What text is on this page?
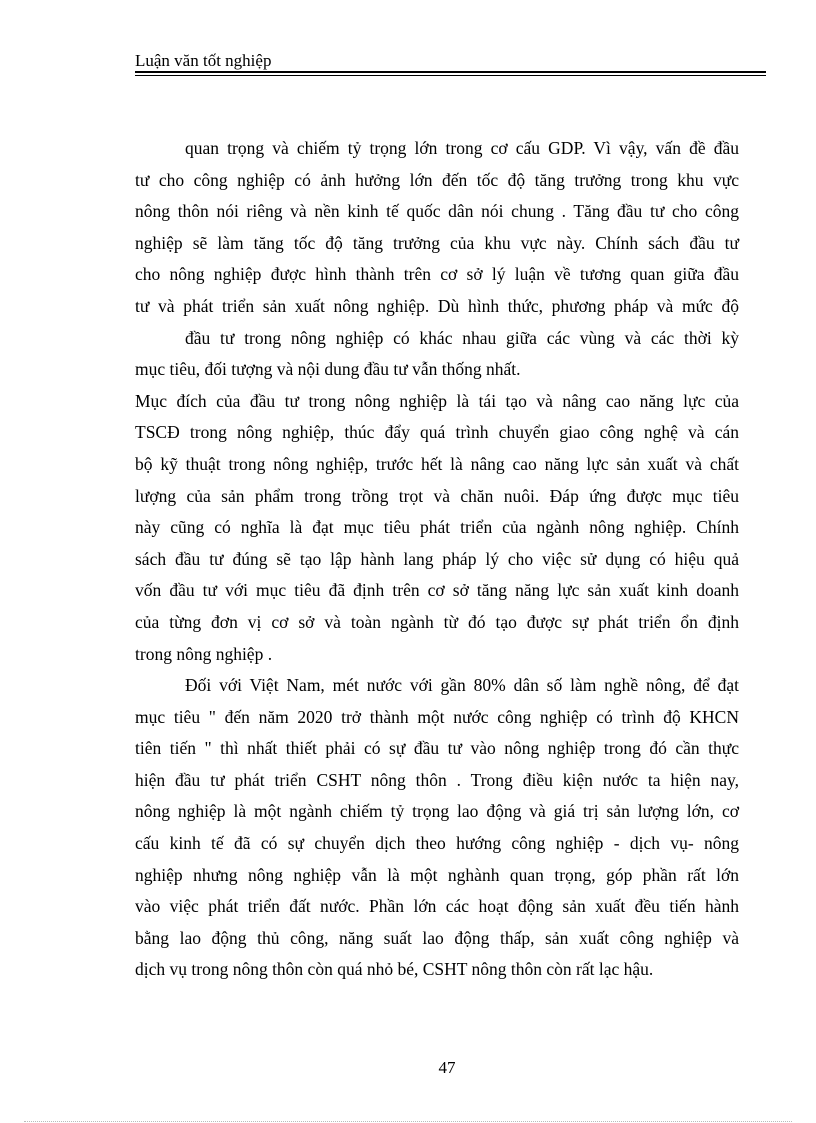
Luận văn tốt nghiệp
quan trọng và chiếm tỷ trọng lớn trong cơ cấu GDP. Vì vậy, vấn đề đầu
tư cho công nghiệp có ảnh hưởng lớn đến tốc độ tăng trưởng trong khu vực
nông thôn nói riêng và nền kinh tế quốc dân nói chung . Tăng đầu tư cho công
nghiệp sẽ làm tăng tốc độ tăng trưởng của khu vực này. Chính sách đầu tư
cho nông nghiệp được hình thành trên cơ sở lý luận về tương quan giữa đầu
tư và phát triển sản xuất nông nghiệp. Dù hình thức, phương pháp và mức độ
đầu tư trong nông nghiệp có khác nhau giữa các vùng và các thời kỳ
mục tiêu, đối tượng và nội dung đầu tư vẫn thống nhất.
Mục đích của đầu tư trong nông nghiệp là tái tạo và nâng cao năng lực của
TSCĐ trong nông nghiệp, thúc đẩy quá trình chuyển giao công nghệ và cán
bộ kỹ thuật trong nông nghiệp, trước hết là nâng cao năng lực sản xuất và chất
lượng của sản phẩm trong trồng trọt và chăn nuôi. Đáp ứng được mục tiêu
này cũng có nghĩa là đạt mục tiêu phát triển của ngành nông nghiệp. Chính
sách đầu tư đúng sẽ tạo lập hành lang pháp lý cho việc sử dụng có hiệu quả
vốn đầu tư với mục tiêu đã định trên cơ sở tăng năng lực sản xuất kinh doanh
của từng đơn vị cơ sở và toàn ngành từ đó tạo được sự phát triển ổn định
trong nông nghiệp .
Đối với Việt Nam, mét nước với gần 80% dân số làm nghề nông, để đạt
mục tiêu " đến năm 2020 trở thành một nước công nghiệp có trình độ KHCN
tiên tiến " thì nhất thiết phải có sự đầu tư vào nông nghiệp trong đó cần thực
hiện đầu tư phát triển CSHT nông thôn . Trong điều kiện nước ta hiện nay,
nông nghiệp là một ngành chiếm tỷ trọng lao động và giá trị sản lượng lớn, cơ
cấu kinh tế đã có sự chuyển dịch theo hướng công nghiệp - dịch vụ- nông
nghiệp nhưng nông nghiệp vẫn là một nghành quan trọng, góp phần rất lớn
vào việc phát triển đất nước. Phần lớn các hoạt động sản xuất đều tiến hành
bằng lao động thủ công, năng suất lao động thấp, sản xuất công nghiệp và
dịch vụ trong nông thôn còn quá nhỏ bé, CSHT nông thôn còn rất lạc hậu.
47
